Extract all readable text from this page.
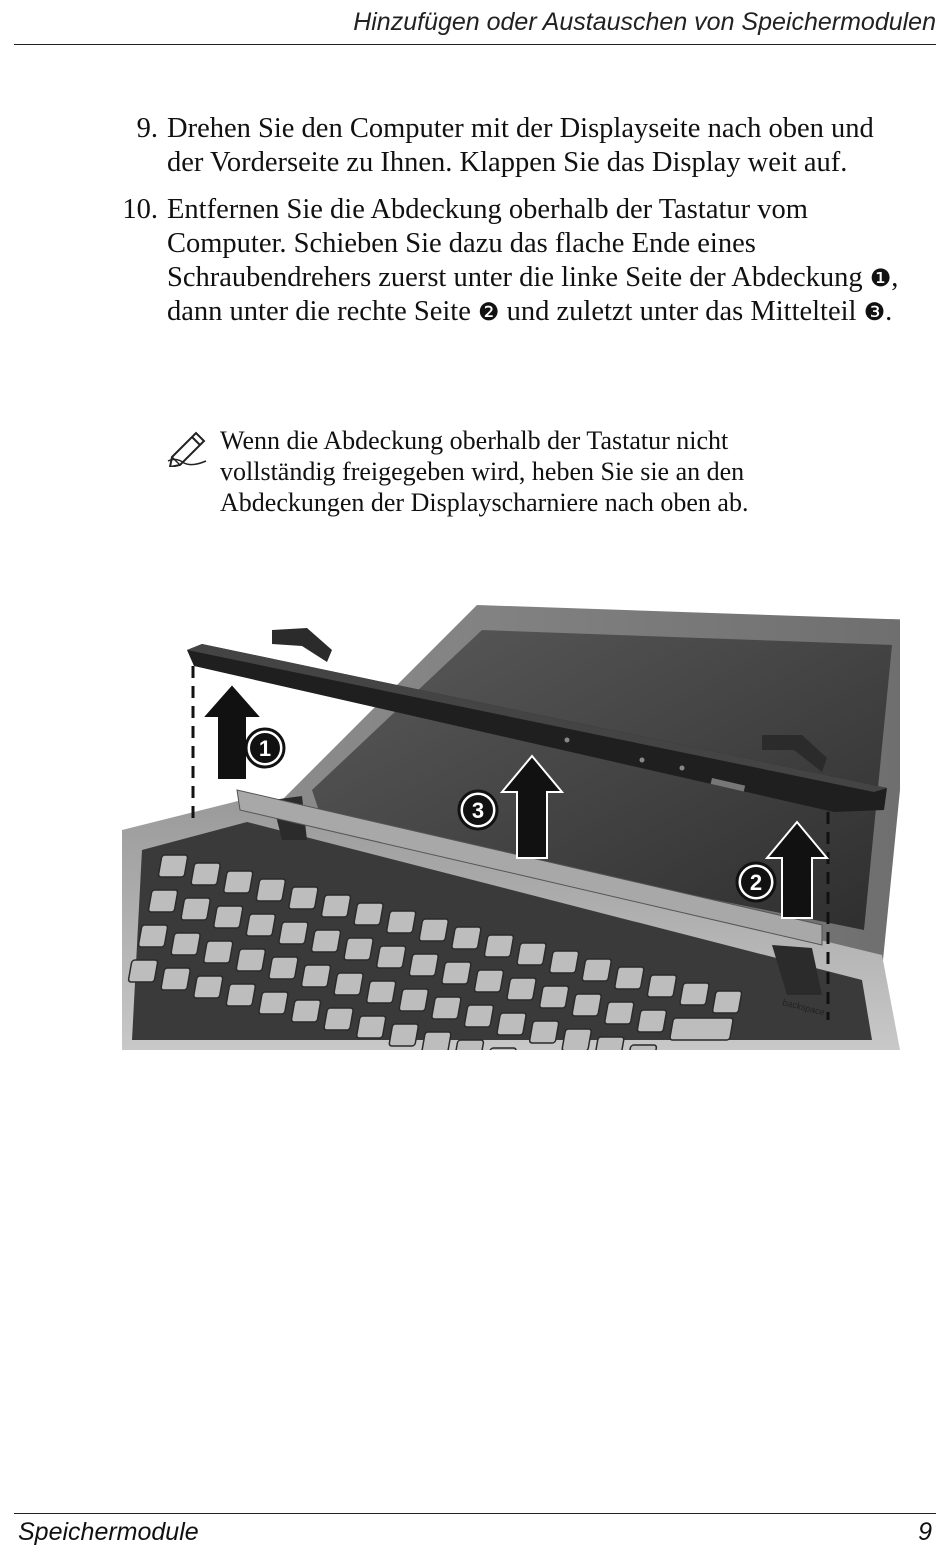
Hinzufügen oder Austauschen von Speichermodulen
9. Drehen Sie den Computer mit der Displayseite nach oben und der Vorderseite zu Ihnen. Klappen Sie das Display weit auf.
10. Entfernen Sie die Abdeckung oberhalb der Tastatur vom Computer. Schieben Sie dazu das flache Ende eines Schraubendrehers zuerst unter die linke Seite der Abdeckung ❶, dann unter die rechte Seite ❷ und zuletzt unter das Mittelteil ❸.
Wenn die Abdeckung oberhalb der Tastatur nicht vollständig freigegeben wird, heben Sie sie an den Abdeckungen der Displayscharniere nach oben ab.
backspace
1
3
2
Speichermodule	9
